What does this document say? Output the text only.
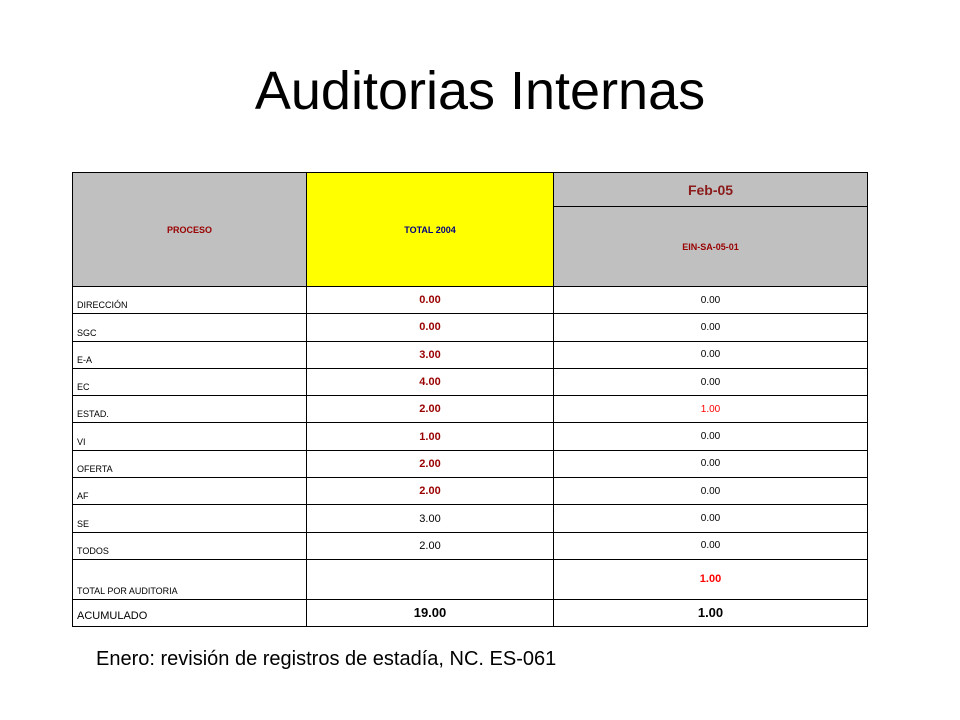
Auditorias Internas
PROCESO	TOTAL 2004	Feb-05
		EIN-SA-05-01
DIRECCIÓN	0.00	0.00
SGC	0.00	0.00
E-A	3.00	0.00
EC	4.00	0.00
ESTAD.	2.00	1.00
VI	1.00	0.00
OFERTA	2.00	0.00
AF	2.00	0.00
SE	3.00	0.00
TODOS	2.00	0.00
TOTAL POR AUDITORIA		1.00
ACUMULADO	19.00	1.00
Enero: revisión de registros de estadía, NC. ES-061
